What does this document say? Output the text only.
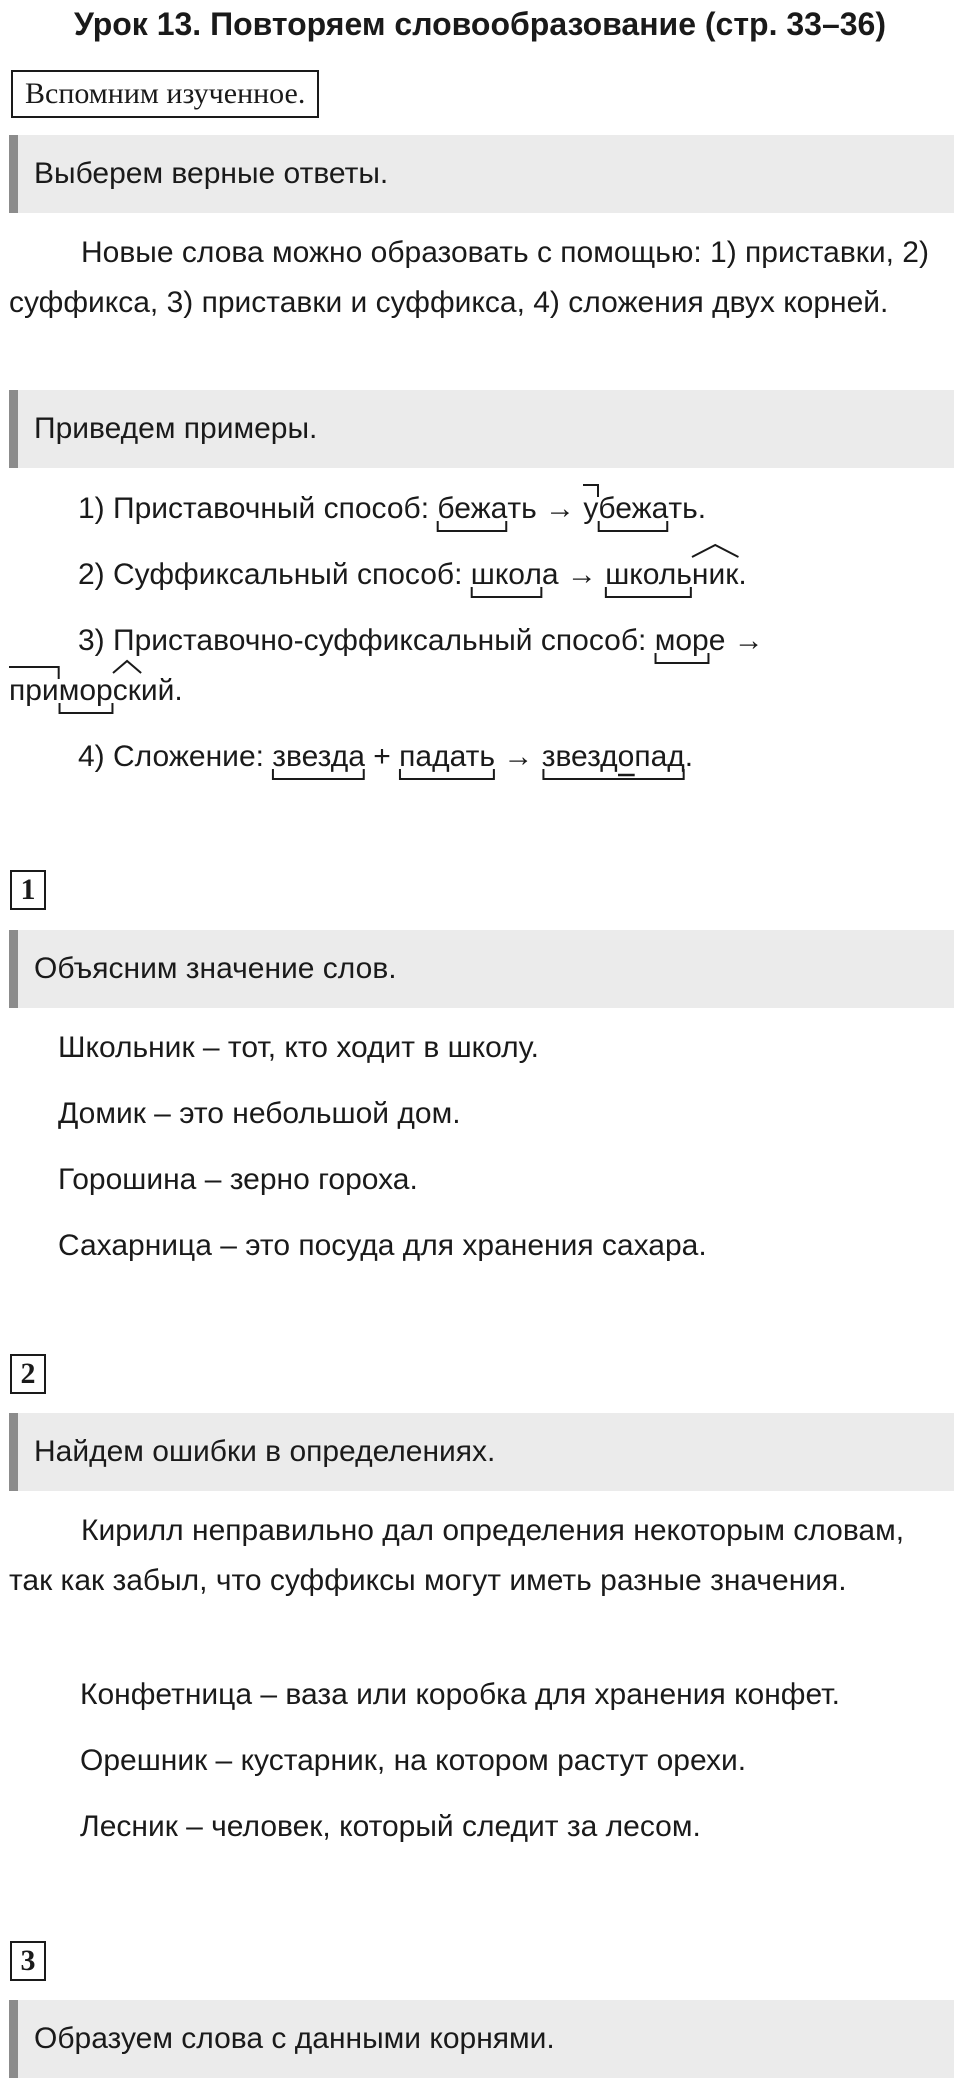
Урок 13. Повторяем словообразование (стр. 33–36)
Вспомним изученное.
Выберем верные ответы.

Новые слова можно образовать с помощью: 1) приставки, 2) суффикса, 3) приставки и суффикса, 4) сложения двух корней.

Приведем примеры.
1) Приставочный способ: бежа
ть → у
бежа
ть.
2) Суффиксальный способ: школ
а → школь
ник
.
3) Приставочно-суффиксальный способ: мор
е →
при
мор
ск
ий.
4) Сложение: звезда
+ падать
→ звездо
пад
.
1
Объясним значение слов.
Школьник – тот, кто ходит в школу.
Домик – это небольшой дом.
Горошина – зерно гороха.
Сахарница – это посуда для хранения сахара.
2
Найдем ошибки в определениях.

Кирилл неправильно дал определения некоторым словам, так как забыл, что суффиксы могут иметь разные значения.

Конфетница – ваза или коробка для хранения конфет.
Орешник – кустарник, на котором растут орехи.
Лесник – человек, который следит за лесом.
3
Образуем слова с данными корнями.
